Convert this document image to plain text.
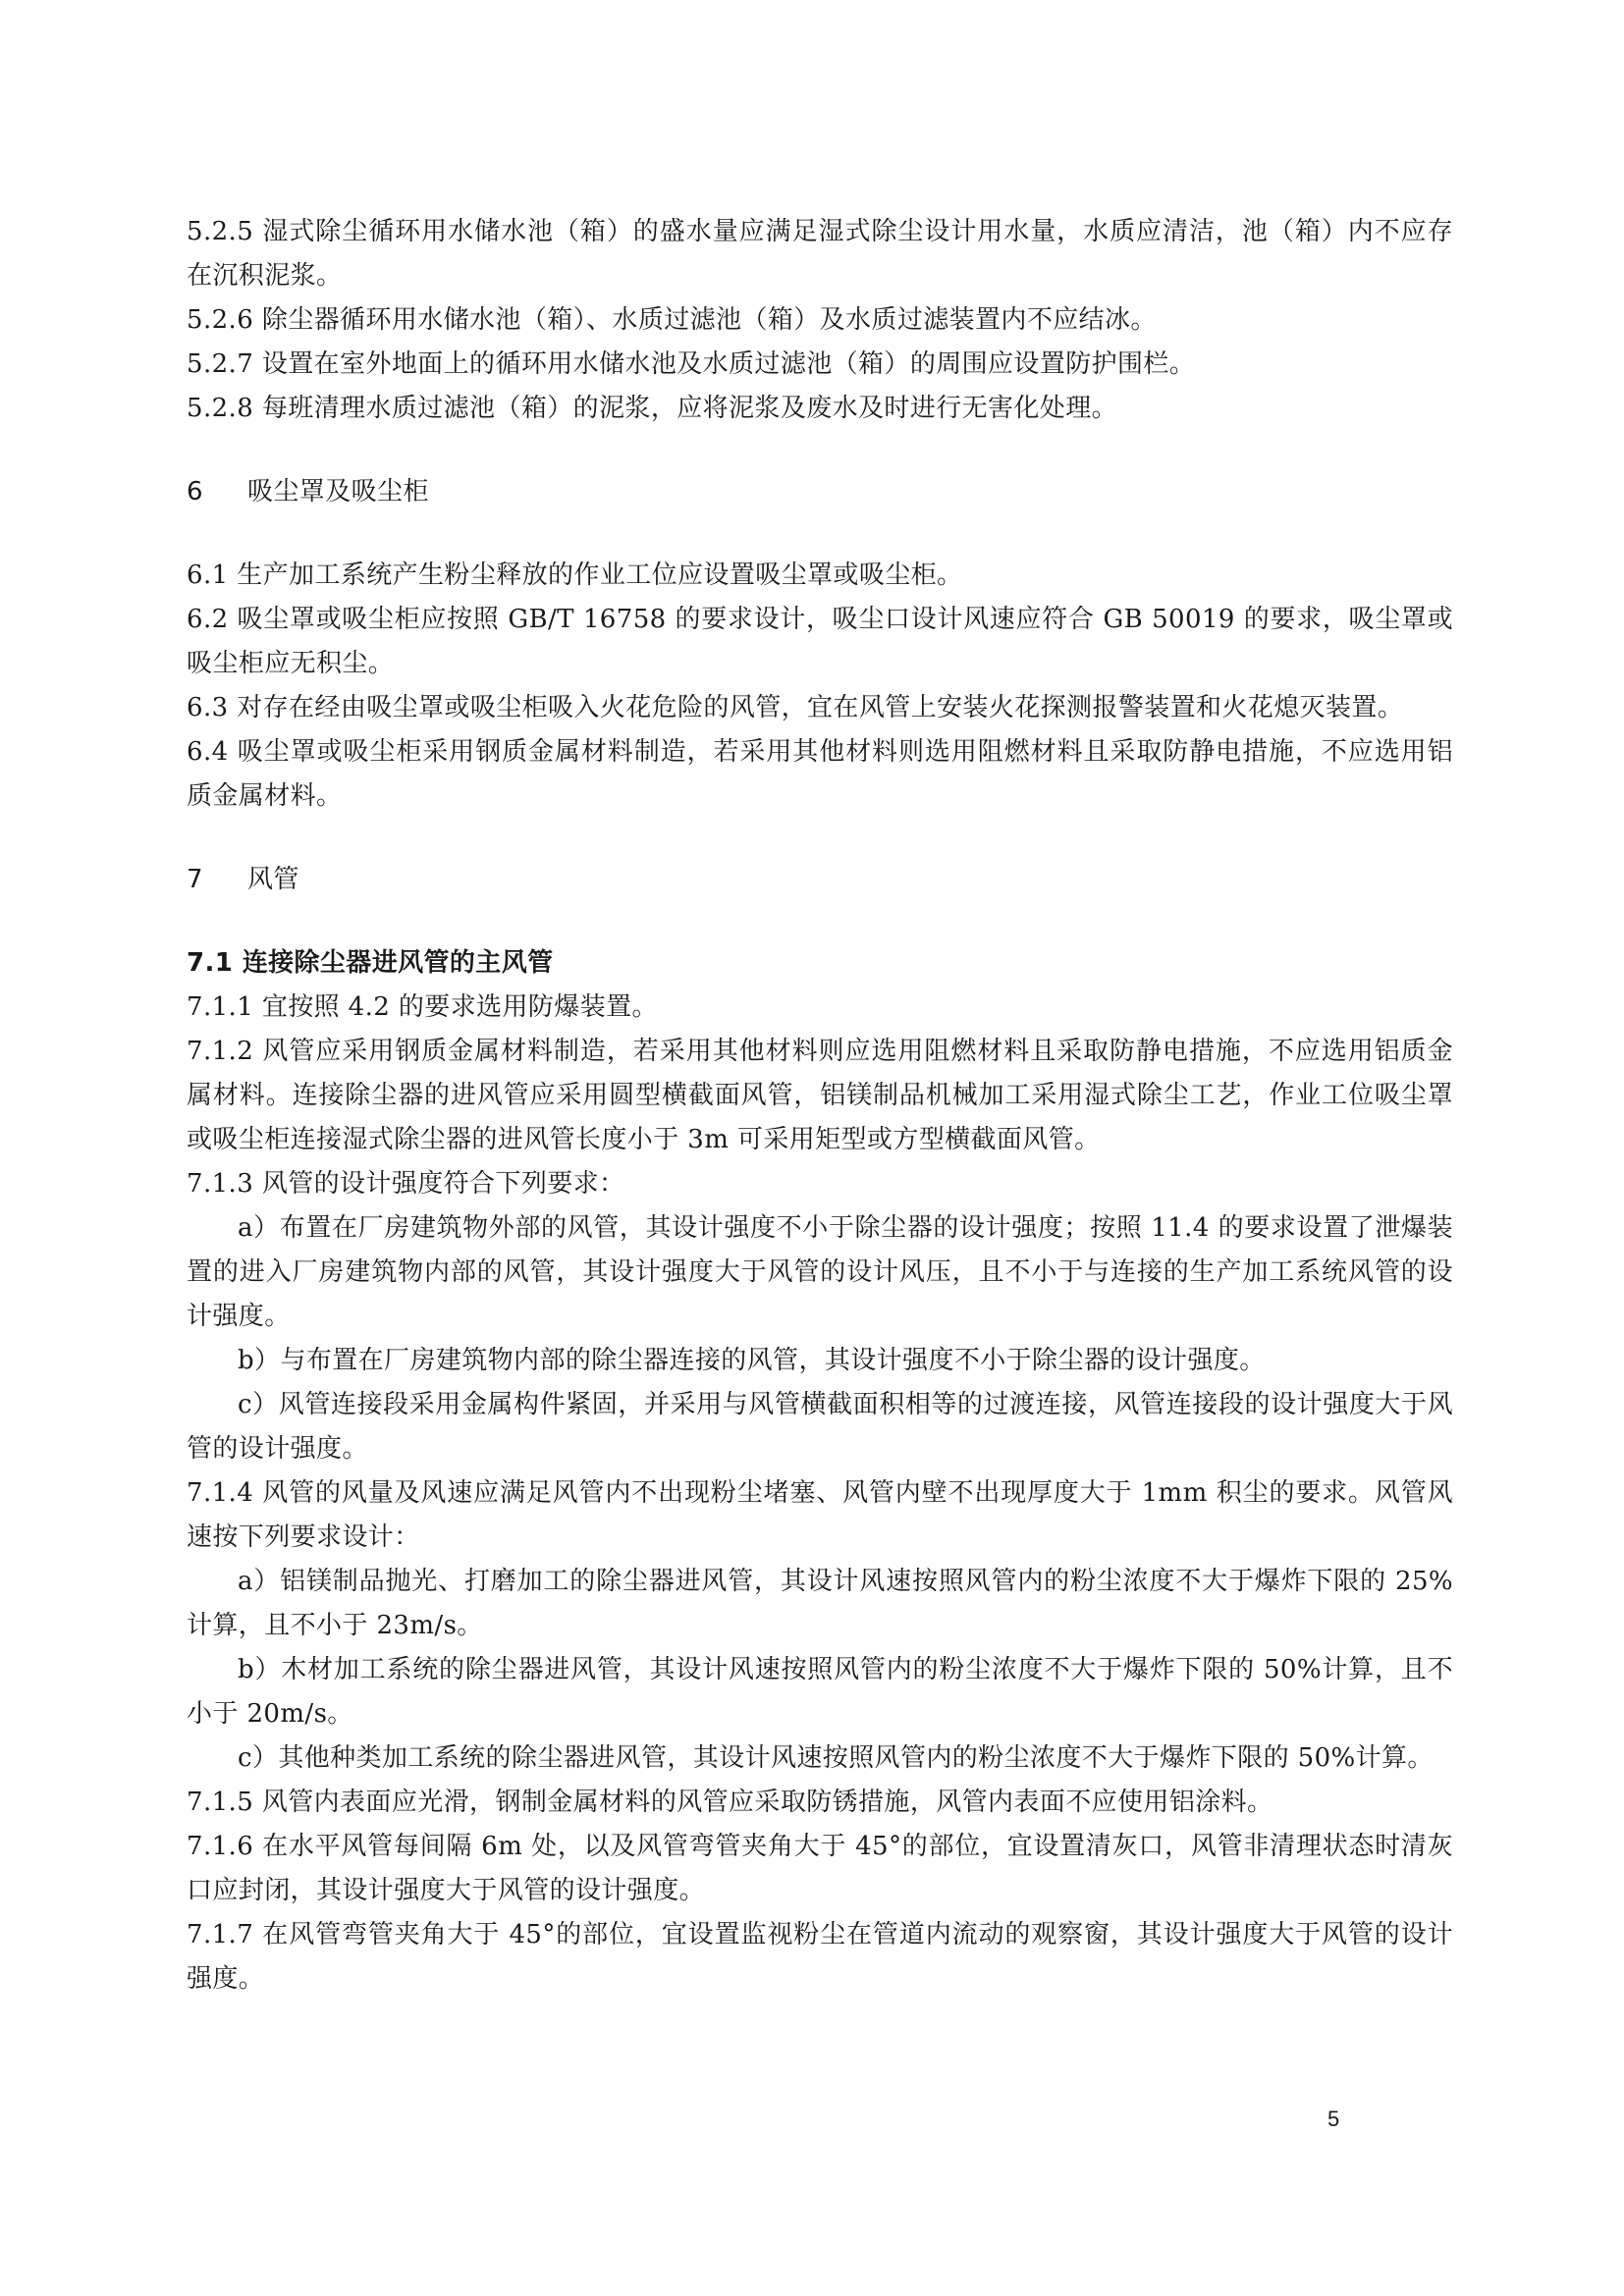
5.2.5 湿式除尘循环用水储水池（箱）的盛水量应满足湿式除尘设计用水量，水质应清洁，池（箱）内不应存在沉积泥浆。

5.2.6 除尘器循环用水储水池（箱）、水质过滤池（箱）及水质过滤装置内不应结冰。

5.2.7 设置在室外地面上的循环用水储水池及水质过滤池（箱）的周围应设置防护围栏。

5.2.8 每班清理水质过滤池（箱）的泥浆，应将泥浆及废水及时进行无害化处理。

6 吸尘罩及吸尘柜

6.1 生产加工系统产生粉尘释放的作业工位应设置吸尘罩或吸尘柜。

6.2 吸尘罩或吸尘柜应按照 GB/T 16758 的要求设计，吸尘口设计风速应符合 GB 50019 的要求，吸尘罩或吸尘柜应无积尘。

6.3 对存在经由吸尘罩或吸尘柜吸入火花危险的风管，宜在风管上安装火花探测报警装置和火花熄灭装置。

6.4 吸尘罩或吸尘柜采用钢质金属材料制造，若采用其他材料则选用阻燃材料且采取防静电措施，不应选用铝质金属材料。

7 风管

7.1 连接除尘器进风管的主风管

7.1.1 宜按照 4.2 的要求选用防爆装置。

7.1.2 风管应采用钢质金属材料制造，若采用其他材料则应选用阻燃材料且采取防静电措施，不应选用铝质金属材料。连接除尘器的进风管应采用圆型横截面风管，铝镁制品机械加工采用湿式除尘工艺，作业工位吸尘罩或吸尘柜连接湿式除尘器的进风管长度小于 3m 可采用矩型或方型横截面风管。

7.1.3 风管的设计强度符合下列要求：

a）布置在厂房建筑物外部的风管，其设计强度不小于除尘器的设计强度；按照 11.4 的要求设置了泄爆装置的进入厂房建筑物内部的风管，其设计强度大于风管的设计风压，且不小于与连接的生产加工系统风管的设计强度。

b）与布置在厂房建筑物内部的除尘器连接的风管，其设计强度不小于除尘器的设计强度。

c）风管连接段采用金属构件紧固，并采用与风管横截面积相等的过渡连接，风管连接段的设计强度大于风管的设计强度。

7.1.4 风管的风量及风速应满足风管内不出现粉尘堵塞、风管内壁不出现厚度大于 1mm 积尘的要求。风管风速按下列要求设计：

a）铝镁制品抛光、打磨加工的除尘器进风管，其设计风速按照风管内的粉尘浓度不大于爆炸下限的 25%计算，且不小于 23m/s。

b）木材加工系统的除尘器进风管，其设计风速按照风管内的粉尘浓度不大于爆炸下限的 50%计算，且不小于 20m/s。

c）其他种类加工系统的除尘器进风管，其设计风速按照风管内的粉尘浓度不大于爆炸下限的 50%计算。

7.1.5 风管内表面应光滑，钢制金属材料的风管应采取防锈措施，风管内表面不应使用铝涂料。

7.1.6 在水平风管每间隔 6m 处，以及风管弯管夹角大于 45°的部位，宜设置清灰口，风管非清理状态时清灰口应封闭，其设计强度大于风管的设计强度。

7.1.7 在风管弯管夹角大于 45°的部位，宜设置监视粉尘在管道内流动的观察窗，其设计强度大于风管的设计强度。

5
